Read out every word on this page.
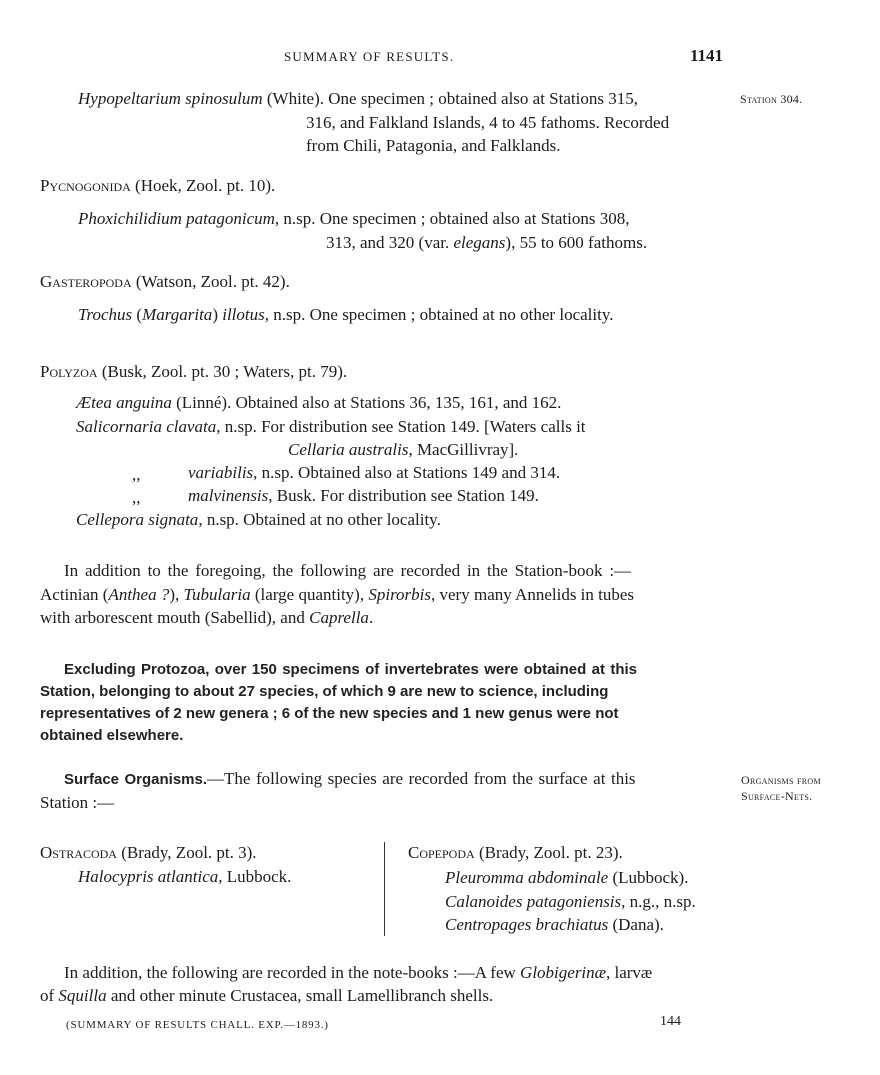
SUMMARY OF RESULTS.	1141
Station 304.
Organisms from
Surface-Nets.
Hypopeltarium spinosulum (White). One specimen ; obtained also at Stations 315,
316, and Falkland Islands, 4 to 45 fathoms. Recorded
from Chili, Patagonia, and Falklands.
Pycnogonida (Hoek, Zool. pt. 10).
Phoxichilidium patagonicum, n.sp. One specimen ; obtained also at Stations 308,
313, and 320 (var. elegans), 55 to 600 fathoms.
Gasteropoda (Watson, Zool. pt. 42).
Trochus (Margarita) illotus, n.sp. One specimen ; obtained at no other locality.
Polyzoa (Busk, Zool. pt. 30 ; Waters, pt. 79).
Ætea anguina (Linné). Obtained also at Stations 36, 135, 161, and 162.
Salicornaria clavata, n.sp. For distribution see Station 149. [Waters calls it
Cellaria australis, MacGillivray].
,,	variabilis, n.sp. Obtained also at Stations 149 and 314.
,,	malvinensis, Busk. For distribution see Station 149.
Cellepora signata, n.sp. Obtained at no other locality.
In addition to the foregoing, the following are recorded in the Station-book :—
Actinian (Anthea ?), Tubularia (large quantity), Spirorbis, very many Annelids in tubes
with arborescent mouth (Sabellid), and Caprella.
Excluding Protozoa, over 150 specimens of invertebrates were obtained at this
Station, belonging to about 27 species, of which 9 are new to science, including
representatives of 2 new genera ; 6 of the new species and 1 new genus were not
obtained elsewhere.
Surface Organisms.—The following species are recorded from the surface at this
Station :—
Ostracoda (Brady, Zool. pt. 3).
Halocypris atlantica, Lubbock.
Copepoda (Brady, Zool. pt. 23).
Pleuromma abdominale (Lubbock).
Calanoides patagoniensis, n.g., n.sp.
Centropages brachiatus (Dana).
In addition, the following are recorded in the note-books :—A few Globigerinæ, larvæ
of Squilla and other minute Crustacea, small Lamellibranch shells.
(SUMMARY OF RESULTS CHALL. EXP.—1893.)	144
